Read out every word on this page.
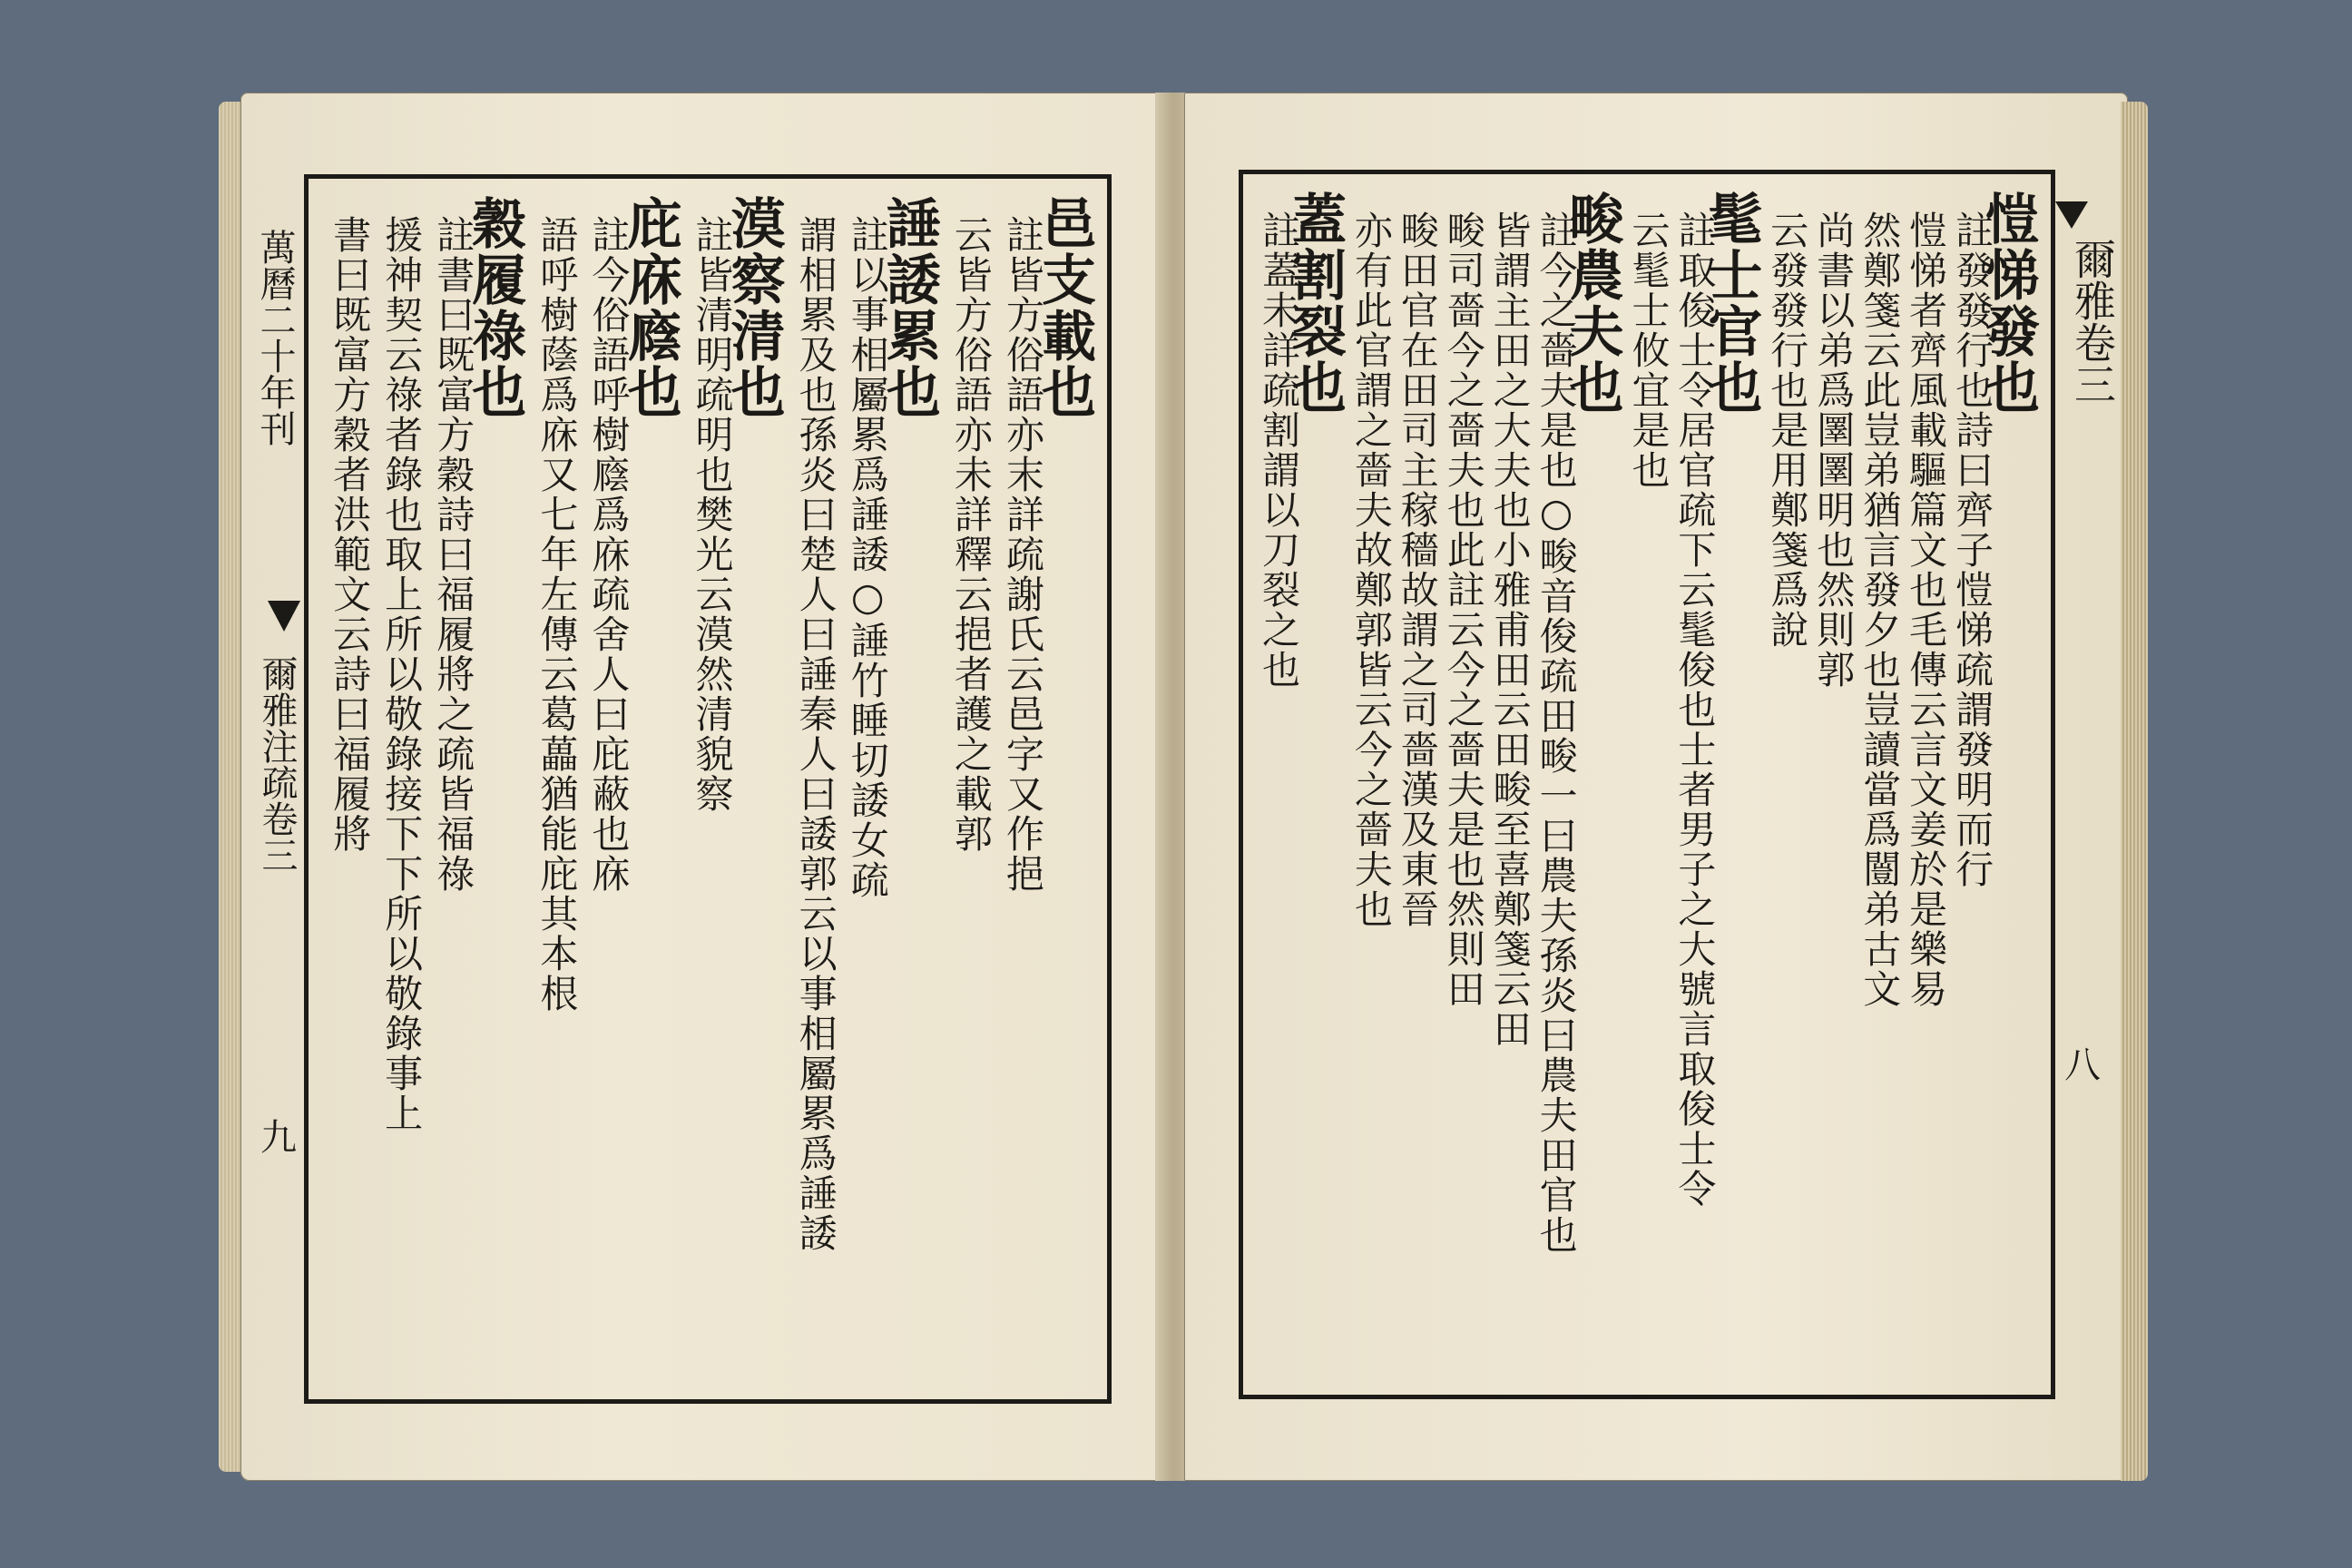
萬曆二十年刊
爾雅注疏卷三
九
邑支載也
註皆方俗語亦末詳疏謝氏云邑字又作挹
云皆方俗語亦未詳釋云挹者護之載郭
諈諉累也
註以事相屬累爲諈諉○諈竹睡切諉女疏
謂相累及也孫炎曰楚人曰諈秦人曰諉郭云以事相屬累爲諈諉
漠察清也
註皆清明疏明也樊光云漠然清貌察
庇庥廕也
註今俗語呼樹廕爲庥疏舍人曰庇蔽也庥
語呼樹蔭爲庥又七年左傳云葛藟猶能庇其本根
穀履祿也
註書曰既富方穀詩曰福履將之疏皆福祿
援神契云祿者錄也取上所以敬錄接下下所以敬錄事上
書曰既富方穀者洪範文云詩曰福履將	爾雅卷三
八
愷悌發也
註發發行也詩曰齊子愷悌疏謂發明而行
愷悌者齊風載驅篇文也毛傳云言文姜於是樂易
然鄭箋云此豈弟猶言發夕也豈讀當爲闓弟古文
尚書以弟爲圛圛明也然則郭
云發發行也是用鄭箋爲說
髦士官也
註取俊士令居官疏下云髦俊也士者男子之大號言取俊士令
云髦士攸宜是也
畯農夫也
註今之嗇夫是也○畯音俊疏田畯一曰農夫孫炎曰農夫田官也
皆謂主田之大夫也小雅甫田云田畯至喜鄭箋云田
畯司嗇今之嗇夫也此註云今之嗇夫是也然則田
畯田官在田司主稼穡故謂之司嗇漢及東晉
亦有此官謂之嗇夫故鄭郭皆云今之嗇夫也
蓋割裂也
註蓋未詳疏割謂以刀裂之也
